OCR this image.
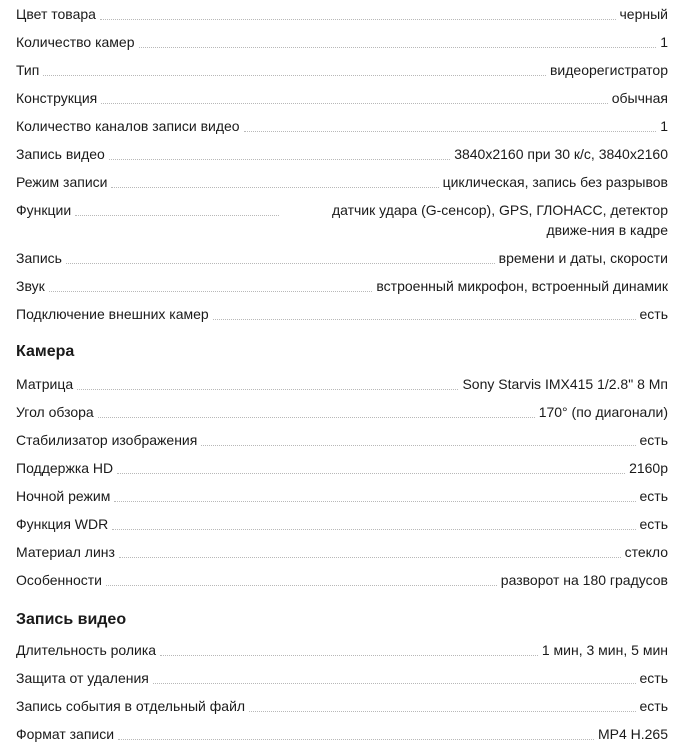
Цвет товара	черный
Количество камер	1
Тип	видеорегистратор
Конструкция	обычная
Количество каналов записи видео	1
Запись видео	3840x2160 при 30 к/с, 3840x2160
Режим записи	циклическая, запись без разрывов
Функции	датчик удара (G-сенсор), GPS, ГЛОНАСС, детектор движе-ния в кадре
Запись	времени и даты, скорости
Звук	встроенный микрофон, встроенный динамик
Подключение внешних камер	есть
Камера
Матрица	Sony Starvis IMX415 1/2.8" 8 Мп
Угол обзора	170° (по диагонали)
Стабилизатор изображения	есть
Поддержка HD	2160p
Ночной режим	есть
Функция WDR	есть
Материал линз	стекло
Особенности	разворот на 180 градусов
Запись видео
Длительность ролика	1 мин, 3 мин, 5 мин
Защита от удаления	есть
Запись события в отдельный файл	есть
Формат записи	MP4 H.265
